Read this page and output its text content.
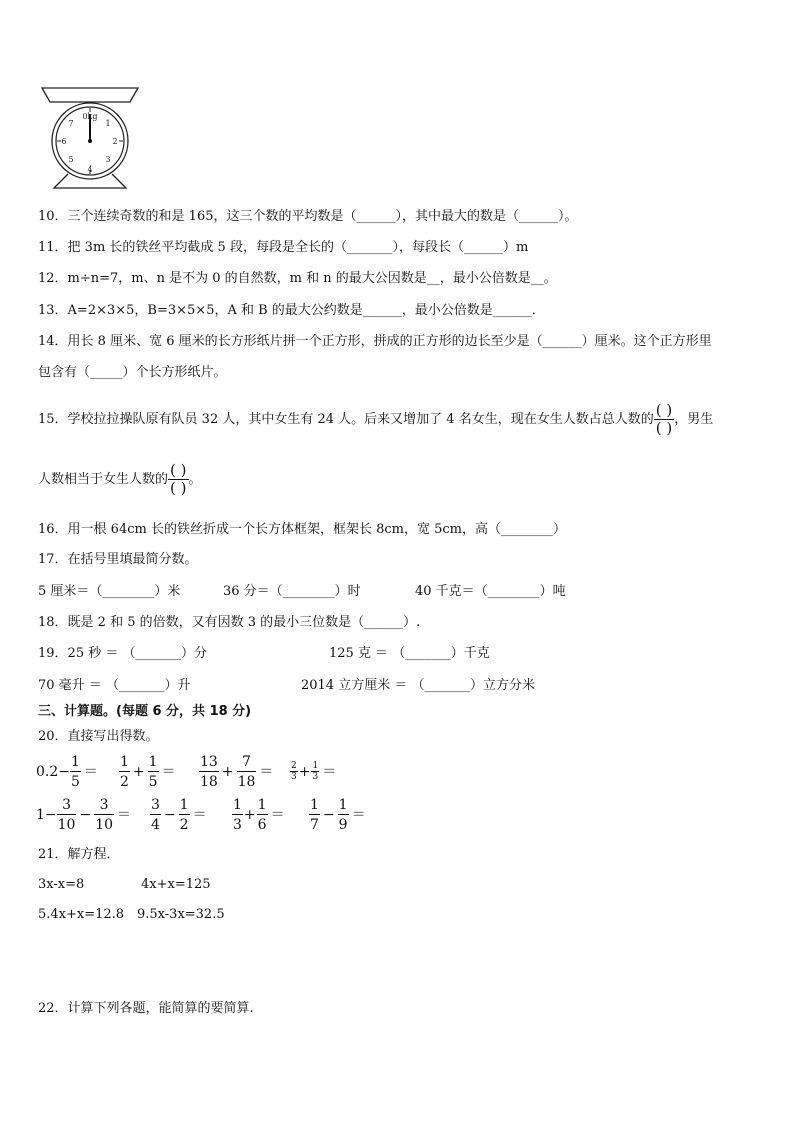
0kg
1
2
3
4
5
6
7
10．三个连续奇数的和是 165，这三个数的平均数是（______），其中最大的数是（______）。
11．把 3m 长的铁丝平均截成 5 段，每段是全长的（_______），每段长（______）m
12．m÷n=7，m、n 是不为 0 的自然数，m 和 n 的最大公因数是__，最小公倍数是__。
13．A=2×3×5，B=3×5×5，A 和 B 的最大公约数是______，最小公倍数是______．
14．用长 8 厘米、宽 6 厘米的长方形纸片拼一个正方形，拼成的正方形的边长至少是（______）厘米。这个正方形里
包含有（_____）个长方形纸片。
15．学校拉拉操队原有队员 32 人，其中女生有 24 人。后来又增加了 4 名女生，现在女生人数占总人数的 $\frac{( )}{( )}$ ，男生
人数相当于女生人数的 $\frac{( )}{( )}$ 。
16．用一根 64cm 长的铁丝折成一个长方体框架，框架长 8cm，宽 5cm，高（________）
17．在括号里填最简分数。
5 厘米＝（________）米	36 分＝（________）时	40 千克＝（________）吨
18．既是 2 和 5 的倍数，又有因数 3 的最小三位数是（______）.
19．25 秒 ＝ （_______）分	125 克 ＝ （_______）千克
70 毫升 ＝ （_______）升	2014 立方厘米 ＝ （_______）立方分米
三、计算题。(每题 6 分，共 18 分)
20．直接写出得数。
$0.2- \frac{1}{5} = \frac{1}{2} + \frac{1}{5} = \frac{13}{18} + \frac{7}{18}$ ＝	$\frac{2}{3} + \frac{1}{3}$ ＝
$1- \frac{3}{10} - \frac{3}{10} = \frac{3}{4} - \frac{1}{2} = \frac{1}{3} + \frac{1}{6} = \frac{1}{7} - \frac{1}{9}$ ＝
21．解方程．
3x-x=8	4x+x=125
5.4x+x=12.8 9.5x-3x=32.5
22．计算下列各题，能简算的要简算.
